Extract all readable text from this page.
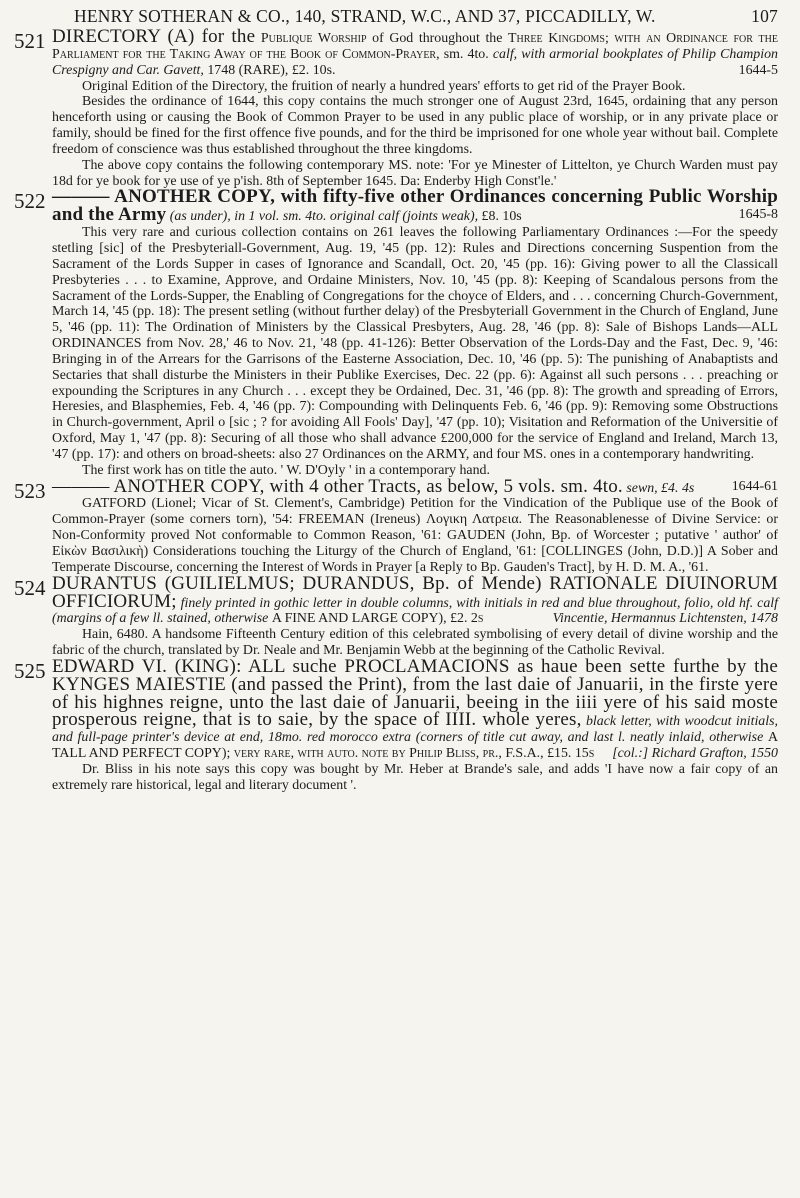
HENRY SOTHERAN & CO., 140, STRAND, W.C., AND 37, PICCADILLY, W.	107
521 DIRECTORY (A) for the Publique Worship of God throughout the Three Kingdoms; with an Ordinance for the Parliament for the Taking Away of the Book of Common-Prayer, sm. 4to. calf, with armorial bookplates of Philip Champion Crespigny and Car. Gavett, 1748 (RARE), £2. 10s.	1644-5
Original Edition of the Directory, the fruition of nearly a hundred years' efforts to get rid of the Prayer Book.
Besides the ordinance of 1644, this copy contains the much stronger one of August 23rd, 1645, ordaining that any person henceforth using or causing the Book of Common Prayer to be used in any public place of worship, or in any private place or family, should be fined for the first offence five pounds, and for the third be imprisoned for one whole year without bail. Complete freedom of conscience was thus established throughout the three kingdoms.
The above copy contains the following contemporary MS. note: 'For ye Minester of Littelton, ye Church Warden must pay 18d for ye book for ye use of ye p'ish. 8th of September 1645. Da: Enderby High Const'le.'
522 ——— ANOTHER COPY, with fifty-five other Ordinances concerning Public Worship and the Army (as under), in 1 vol. sm. 4to. original calf (joints weak), £8. 10s	1645-8
This very rare and curious collection contains on 261 leaves the following Parliamentary Ordinances :—For the speedy stetling [sic] of the Presbyteriall-Government, Aug. 19, '45 (pp. 12): Rules and Directions concerning Suspention from the Sacrament of the Lords Supper in cases of Ignorance and Scandall, Oct. 20, '45 (pp. 16): Giving power to all the Classicall Presbyteries . . . to Examine, Approve, and Ordaine Ministers, Nov. 10, '45 (pp. 8): Keeping of Scandalous persons from the Sacrament of the Lords-Supper, the Enabling of Congregations for the choyce of Elders, and . . . concerning Church-Government, March 14, '45 (pp. 18): The present setling (without further delay) of the Presbyteriall Government in the Church of England, June 5, '46 (pp. 11): The Ordination of Ministers by the Classical Presbyters, Aug. 28, '46 (pp. 8): Sale of Bishops Lands—ALL ORDINANCES from Nov. 28,' 46 to Nov. 21, '48 (pp. 41-126): Better Observation of the Lords-Day and the Fast, Dec. 9, '46: Bringing in of the Arrears for the Garrisons of the Easterne Association, Dec. 10, '46 (pp. 5): The punishing of Anabaptists and Sectaries that shall disturbe the Ministers in their Publike Exercises, Dec. 22 (pp. 6): Against all such persons . . . preaching or expounding the Scriptures in any Church . . . except they be Ordained, Dec. 31, '46 (pp. 8): The growth and spreading of Errors, Heresies, and Blasphemies, Feb. 4, '46 (pp. 7): Compounding with Delinquents Feb. 6, '46 (pp. 9): Removing some Obstructions in Church-government, April o [sic ; ? for avoiding All Fools' Day], '47 (pp. 10); Visitation and Reformation of the Universitie of Oxford, May 1, '47 (pp. 8): Securing of all those who shall advance £200,000 for the service of England and Ireland, March 13, '47 (pp. 17): and others on broad-sheets: also 27 Ordinances on the ARMY, and four MS. ones in a contemporary handwriting.
The first work has on title the auto. ' W. D'Oyly ' in a contemporary hand.
523 ——— ANOTHER COPY, with 4 other Tracts, as below, 5 vols. sm. 4to. sewn, £4. 4s	1644-61
GATFORD (Lionel; Vicar of St. Clement's, Cambridge) Petition for the Vindication of the Publique use of the Book of Common-Prayer (some corners torn), '54: FREEMAN (Ireneus) Λογικη Λατρεια. The Reasonablenesse of Divine Service: or Non-Conformity proved Not conformable to Common Reason, '61: GAUDEN (John, Bp. of Worcester ; putative ' author' of Εἰκὼν Βασιλικὴ) Considerations touching the Liturgy of the Church of England, '61: [COLLINGES (John, D.D.)] A Sober and Temperate Discourse, concerning the Interest of Words in Prayer [a Reply to Bp. Gauden's Tract], by H. D. M. A., '61.
524 DURANTUS (GUILIELMUS; DURANDUS, Bp. of Mende) RATIONALE DIUINORUM OFFICIORUM; finely printed in gothic letter in double columns, with initials in red and blue throughout, folio, old hf. calf (margins of a few ll. stained, otherwise A FINE AND LARGE COPY), £2. 2s	Vincentie, Hermannus Lichtensten, 1478
Hain, 6480. A handsome Fifteenth Century edition of this celebrated symbolising of every detail of divine worship and the fabric of the church, translated by Dr. Neale and Mr. Benjamin Webb at the beginning of the Catholic Revival.
525 EDWARD VI. (KING): ALL suche PROCLAMACIONS as haue been sette furthe by the KYNGES MAIESTIE (and passed the Print), from the last daie of Januarii, in the firste yere of his highnes reigne, unto the last daie of Januarii, beeing in the iiii yere of his said moste prosperous reigne, that is to saie, by the space of IIII. whole yeres, black letter, with woodcut initials, and full-page printer's device at end, 18mo. red morocco extra (corners of title cut away, and last l. neatly inlaid, otherwise A TALL AND PERFECT COPY); very rare, with auto. note by Philip Bliss, pr., F.S.A., £15. 15s [col.:] Richard Grafton, 1550
Dr. Bliss in his note says this copy was bought by Mr. Heber at Brande's sale, and adds 'I have now a fair copy of an extremely rare historical, legal and literary document '.
